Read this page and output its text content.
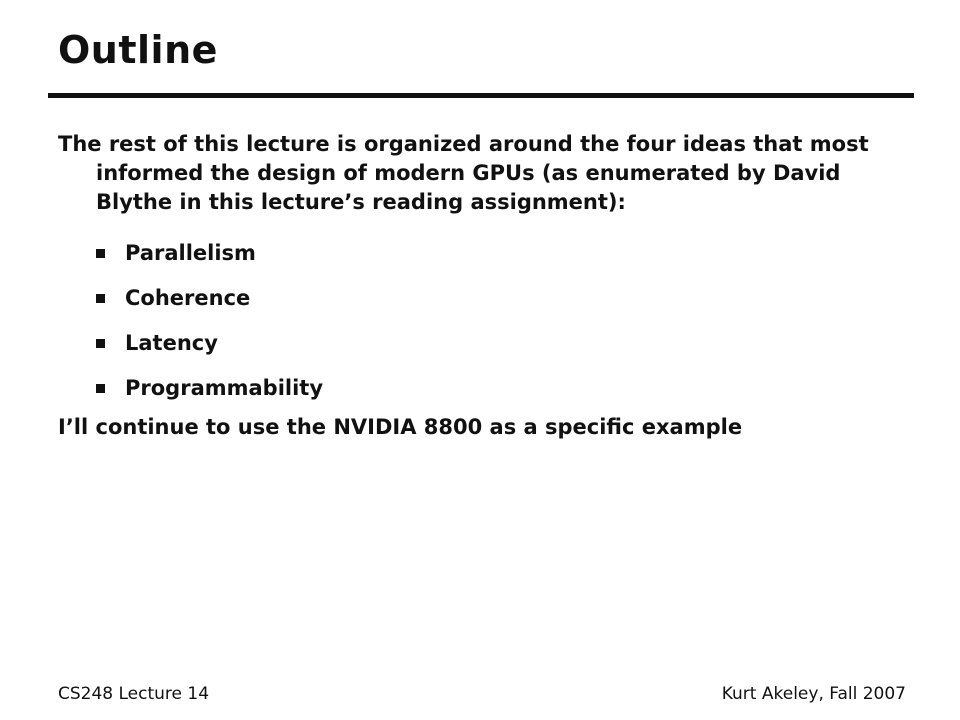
Outline

The rest of this lecture is organized around the four ideas that most informed the design of modern GPUs (as enumerated by David Blythe in this lecture’s reading assignment):

Parallelism
Coherence
Latency
Programmability

I’ll continue to use the NVIDIA 8800 as a specific example

CS248 Lecture 14	Kurt Akeley, Fall 2007
